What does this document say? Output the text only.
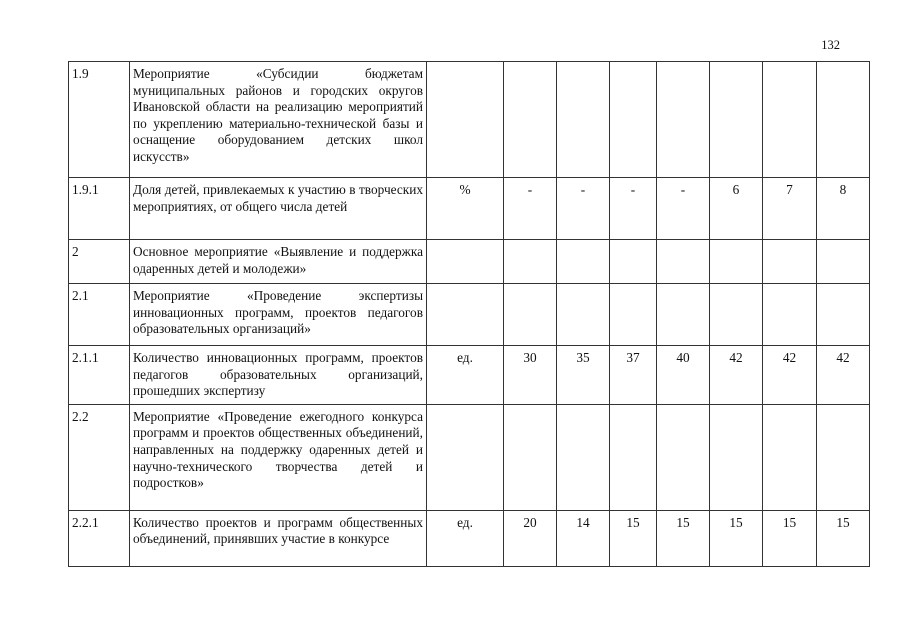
132
1.9	Мероприятие «Субсидии бюджетам муниципальных районов и городских округов Ивановской области на реализацию мероприятий по укреплению материально-технической базы и оснащение оборудованием детских школ искусств»								
1.9.1	Доля детей, привлекаемых к участию в творческих мероприятиях, от общего числа детей	%	-	-	-	-	6	7	8
2	Основное мероприятие «Выявление и поддержка одаренных детей и молодежи»								
2.1	Мероприятие «Проведение экспертизы инновационных программ, проектов педагогов образовательных организаций»								
2.1.1	Количество инновационных программ, проектов педагогов образовательных организаций, прошедших экспертизу	ед.	30	35	37	40	42	42	42
2.2	Мероприятие «Проведение ежегодного конкурса программ и проектов общественных объединений, направленных на поддержку одаренных детей и научно-технического творчества детей и подростков»								
2.2.1	Количество проектов и программ общественных объединений, принявших участие в конкурсе	ед.	20	14	15	15	15	15	15
